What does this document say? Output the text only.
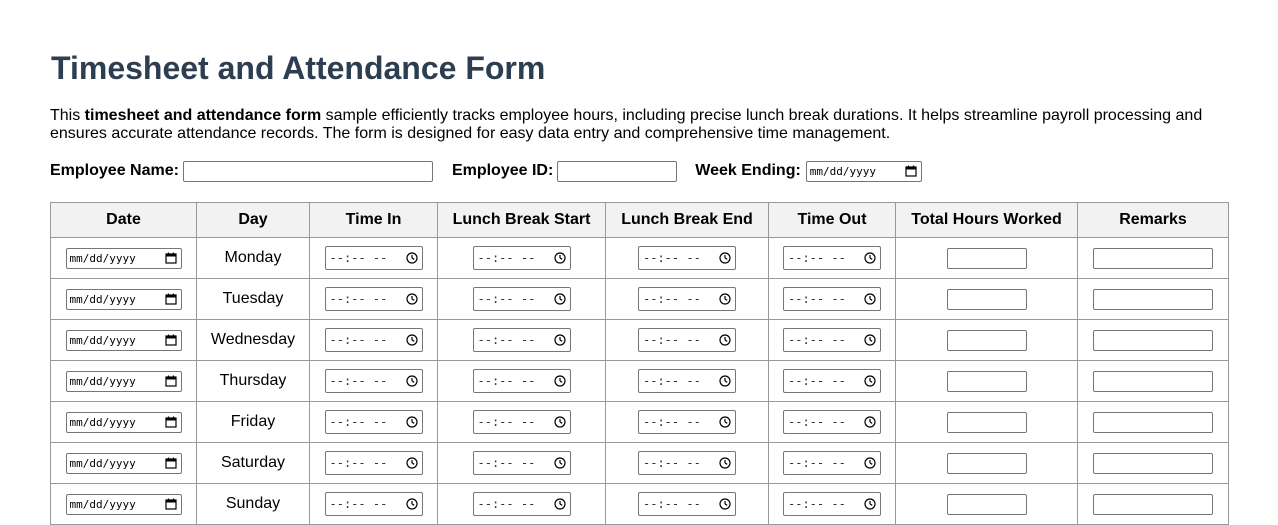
Timesheet and Attendance Form

This timesheet and attendance form sample efficiently tracks employee hours, including precise lunch break durations. It helps streamline payroll processing and ensures accurate attendance records. The form is designed for easy data entry and comprehensive time management.

Employee Name:	Employee ID:	Week Ending: mm/dd/yyyy
Date	Day	Time In	Lunch Break Start	Lunch Break End	Time Out	Total Hours Worked	Remarks

mm/dd/yyyy	Monday	--:-- --	--:-- --	--:-- --	--:-- --		

mm/dd/yyyy	Tuesday	--:-- --	--:-- --	--:-- --	--:-- --		

mm/dd/yyyy	Wednesday	--:-- --	--:-- --	--:-- --	--:-- --		

mm/dd/yyyy	Thursday	--:-- --	--:-- --	--:-- --	--:-- --		

mm/dd/yyyy	Friday	--:-- --	--:-- --	--:-- --	--:-- --		

mm/dd/yyyy	Saturday	--:-- --	--:-- --	--:-- --	--:-- --		

mm/dd/yyyy	Sunday	--:-- --	--:-- --	--:-- --	--:-- --		
